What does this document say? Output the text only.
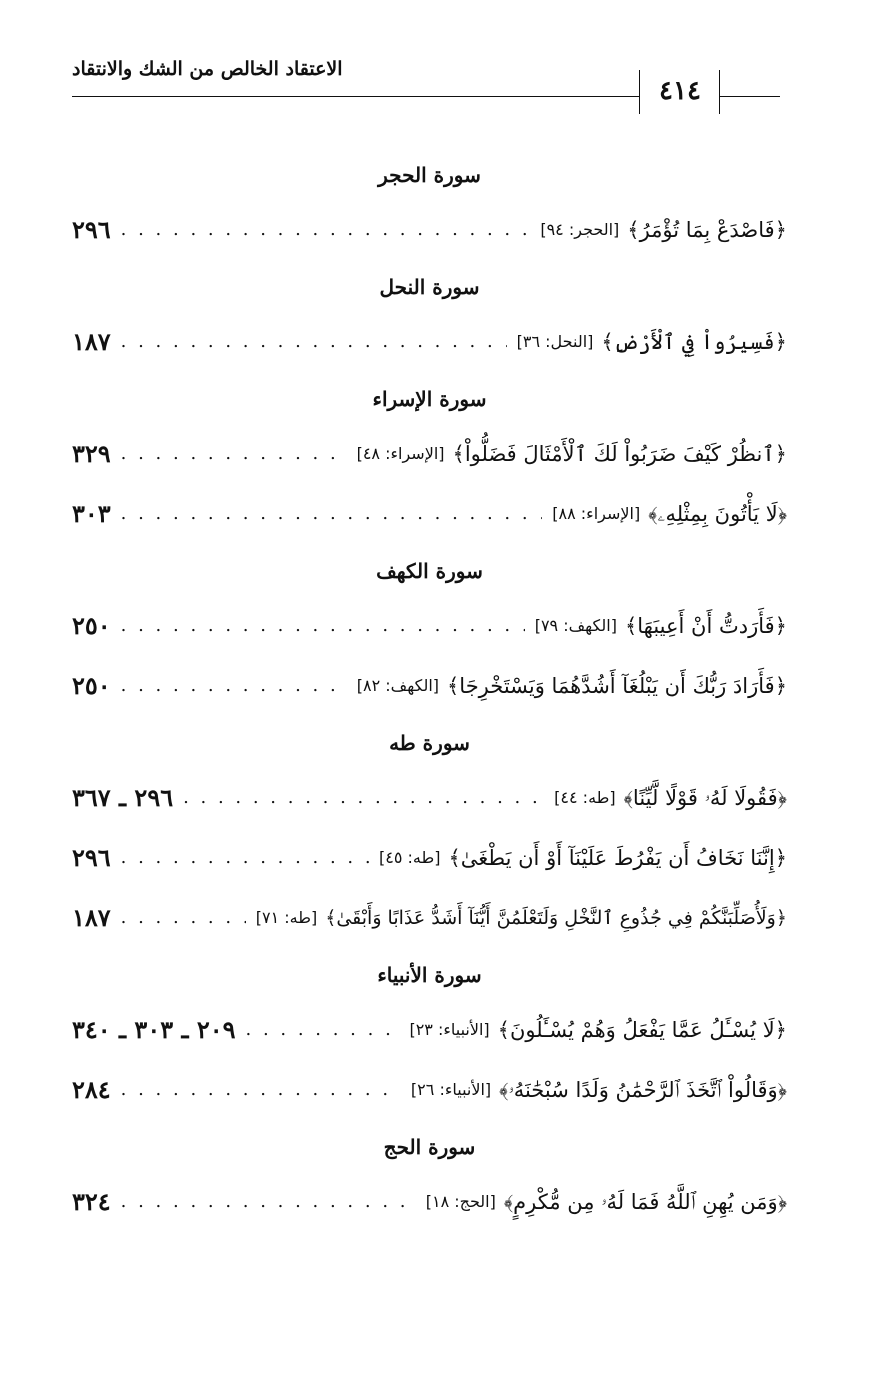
الاعتقاد الخالص من الشك والانتقاد
٤١٤
سورة الحجر
﴿فَاصْدَعْ بِمَا تُؤْمَرُ﴾
[الحجر: ٩٤]
. . .
٢٩٦
سورة النحل
﴿فَسِيرُواْ فِي ٱلْأَرْضِ﴾
[النحل: ٣٦]
. . .
١٨٧
سورة الإسراء
﴿ٱنظُرْ كَيْفَ ضَرَبُواْ لَكَ ٱلْأَمْثَالَ فَضَلُّواْ﴾
[الإسراء: ٤٨]
. . .
٣٢٩
﴿لَا يَأْتُونَ بِمِثْلِهِۦ﴾
[الإسراء: ٨٨]
. . .
٣٠٣
سورة الكهف
﴿فَأَرَدتُّ أَنْ أَعِيبَهَا﴾
[الكهف: ٧٩]
. . .
٢٥٠
﴿فَأَرَادَ رَبُّكَ أَن يَبْلُغَآ أَشُدَّهُمَا وَيَسْتَخْرِجَا﴾
[الكهف: ٨٢]
. . .
٢٥٠
سورة طه
﴿فَقُولَا لَهُۥ قَوْلًا لَّيِّنًا﴾
[طه: ٤٤]
. . .
٢٩٦ ـ ٣٦٧
﴿إِنَّنَا نَخَافُ أَن يَفْرُطَ عَلَيْنَآ أَوْ أَن يَطْغَىٰ﴾
[طه: ٤٥]
. . .
٢٩٦
﴿وَلَأُصَلِّبَنَّكُمْ فِي جُذُوعِ ٱلنَّخْلِ وَلَتَعْلَمُنَّ أَيُّنَآ أَشَدُّ عَذَابًا وَأَبْقَىٰ﴾
[طه: ٧١]
. . .
١٨٧
سورة الأنبياء
﴿لَا يُسْـَٔلُ عَمَّا يَفْعَلُ وَهُمْ يُسْـَٔلُونَ﴾
[الأنبياء: ٢٣]
. . .
٢٠٩ ـ ٣٠٣ ـ ٣٤٠
﴿وَقَالُواْ ٱتَّخَذَ ٱلرَّحْمَٰنُ وَلَدًا سُبْحَٰنَهُۥ﴾
[الأنبياء: ٢٦]
. . .
٢٨٤
سورة الحج
﴿وَمَن يُهِنِ ٱللَّهُ فَمَا لَهُۥ مِن مُّكْرِمٍ﴾
[الحج: ١٨]
. . .
٣٢٤
